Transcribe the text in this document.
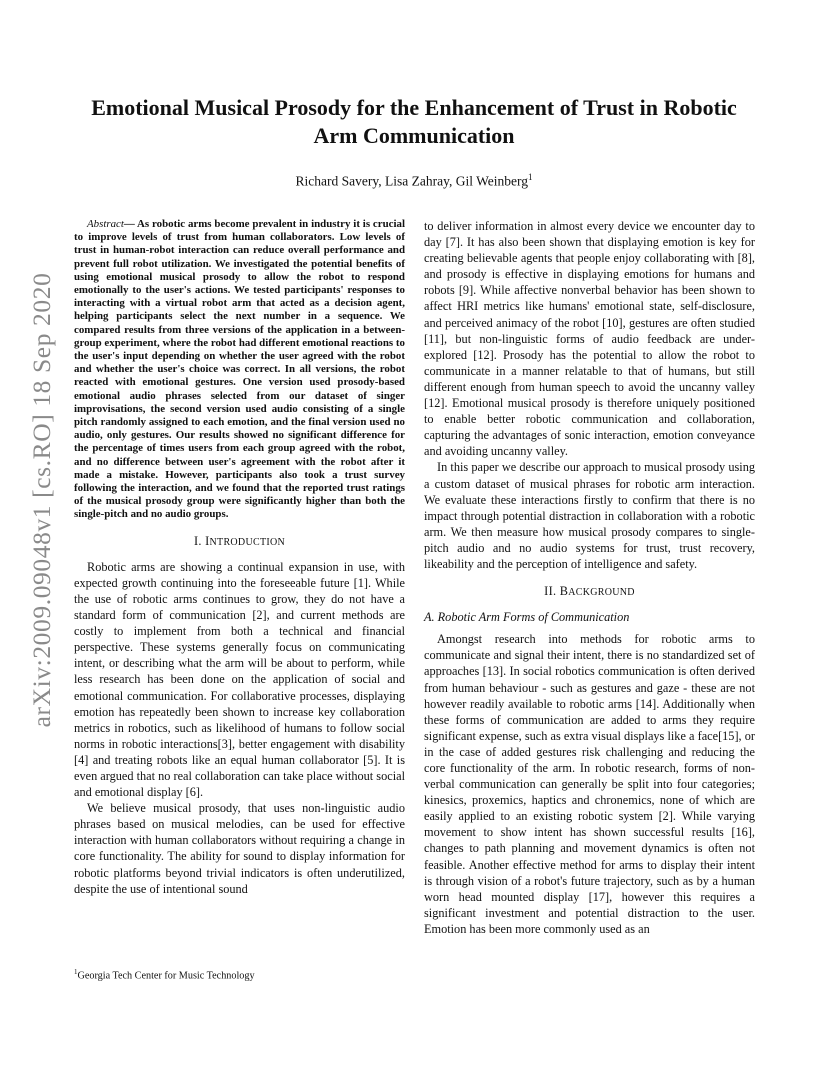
arXiv:2009.09048v1 [cs.RO] 18 Sep 2020
Emotional Musical Prosody for the Enhancement of Trust in Robotic Arm Communication
Richard Savery, Lisa Zahray, Gil Weinberg$^1$

Abstract— As robotic arms become prevalent in industry it is crucial to improve levels of trust from human collaborators. Low levels of trust in human-robot interaction can reduce overall performance and prevent full robot utilization. We investigated the potential benefits of using emotional musical prosody to allow the robot to respond emotionally to the user's actions. We tested participants' responses to interacting with a virtual robot arm that acted as a decision agent, helping participants select the next number in a sequence. We compared results from three versions of the application in a between-group experiment, where the robot had different emotional reactions to the user's input depending on whether the user agreed with the robot and whether the user's choice was correct. In all versions, the robot reacted with emotional gestures. One version used prosody-based emotional audio phrases selected from our dataset of singer improvisations, the second version used audio consisting of a single pitch randomly assigned to each emotion, and the final version used no audio, only gestures. Our results showed no significant difference for the percentage of times users from each group agreed with the robot, and no difference between user's agreement with the robot after it made a mistake. However, participants also took a trust survey following the interaction, and we found that the reported trust ratings of the musical prosody group were significantly higher than both the single-pitch and no audio groups.

I. INTRODUCTION

Robotic arms are showing a continual expansion in use, with expected growth continuing into the foreseeable future [1]. While the use of robotic arms continues to grow, they do not have a standard form of communication [2], and current methods are costly to implement from both a technical and financial perspective. These systems generally focus on communicating intent, or describing what the arm will be about to perform, while less research has been done on the application of social and emotional communication. For collaborative processes, displaying emotion has repeatedly been shown to increase key collaboration metrics in robotics, such as likelihood of humans to follow social norms in robotic interactions[3], better engagement with disability [4] and treating robots like an equal human collaborator [5]. It is even argued that no real collaboration can take place without social and emotional display [6].

We believe musical prosody, that uses non-linguistic audio phrases based on musical melodies, can be used for effective interaction with human collaborators without requiring a change in core functionality. The ability for sound to display information for robotic platforms beyond trivial indicators is often underutilized, despite the use of intentional sound

to deliver information in almost every device we encounter day to day [7]. It has also been shown that displaying emotion is key for creating believable agents that people enjoy collaborating with [8], and prosody is effective in displaying emotions for humans and robots [9]. While affective nonverbal behavior has been shown to affect HRI metrics like humans' emotional state, self-disclosure, and perceived animacy of the robot [10], gestures are often studied [11], but non-linguistic forms of audio feedback are under-explored [12]. Prosody has the potential to allow the robot to communicate in a manner relatable to that of humans, but still different enough from human speech to avoid the uncanny valley [12]. Emotional musical prosody is therefore uniquely positioned to enable better robotic communication and collaboration, capturing the advantages of sonic interaction, emotion conveyance and avoiding uncanny valley.

In this paper we describe our approach to musical prosody using a custom dataset of musical phrases for robotic arm interaction. We evaluate these interactions firstly to confirm that there is no impact through potential distraction in collaboration with a robotic arm. We then measure how musical prosody compares to single-pitch audio and no audio systems for trust, trust recovery, likeability and the perception of intelligence and safety.

II. BACKGROUND
A. Robotic Arm Forms of Communication

Amongst research into methods for robotic arms to communicate and signal their intent, there is no standardized set of approaches [13]. In social robotics communication is often derived from human behaviour - such as gestures and gaze - these are not however readily available to robotic arms [14]. Additionally when these forms of communication are added to arms they require significant expense, such as extra visual displays like a face[15], or in the case of added gestures risk challenging and reducing the core functionality of the arm. In robotic research, forms of non-verbal communication can generally be split into four categories; kinesics, proxemics, haptics and chronemics, none of which are easily applied to an existing robotic system [2]. While varying movement to show intent has shown successful results [16], changes to path planning and movement dynamics is often not feasible. Another effective method for arms to display their intent is through vision of a robot's future trajectory, such as by a human worn head mounted display [17], however this requires a significant investment and potential distraction to the user. Emotion has been more commonly used as an

$^1$Georgia Tech Center for Music Technology
